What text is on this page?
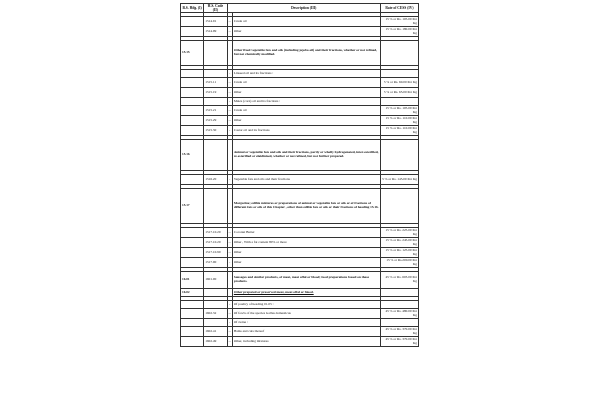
B.S. Hdg. (I)	H.S. Code (II)	Description (III)		Rate of CESS (IV)

	1514.91	--	Crude oil	15 % or Rs. 105.00 Per Kg
	1514.99	--	Other	15 % or Rs. 180.00 Per Kg

15.15			Other fixed vegetable fats and oils (including jojoba oil) and their fractions, whether or not refined, but not chemically modified.	

		-	Linseed oil and its fractions :	
	1515.11	--	Crude oil	5 % or Rs. 60.00 Per Kg
	1515.19	--	Other	5 % or Rs. 65.00 Per Kg
		-	Maize (corn) oil and its fractions :	
	1515.21	--	Crude oil	15 % or Rs. 105.00 Per Kg
	1515.29	--	Other	15 % or Rs. 110.00 Per Kg
	1515.30	-	Castor oil and its fractions	15 % or Rs. 110.00 Per Kg

15.16			Animal or vegetable fats and oils and their fractions, partly or wholly hydrogenated, inter-esterified, re-esterified or elaidinised, whether or not refined, but not further prepared.	

	1516.20	-	Vegetable fats and oils and their fractions	5 % or Rs. 145.00 Per Kg

15.17			Margarine; edible mixtures or preparations of animal or vegetable fats or oils or of fractions of different fats or oils of this Chapter , other than edible fats or oils or their fractions of heading 15.16.	

	1517.10.20	--	Coconut Butter	15 % or Rs. 225.00 Per Kg
	1517.10.20	--	Other , With a fat content 80% or more	15 % or Rs. 245.00 Per Kg
	1517.10.90	--	Other	15 % or Rs. 125.00 Per Kg
	1517.90	-	Other	15 % or Rs.200.00 Per Kg

16.01	1601.00		Sausages and similar products, of meat, meat offal or blood; food preparations based on these products.	45 % or Rs. 603.00 Per Kg
16.02			Other prepared or preserved meat, meat offal or blood.	

		-	Of poultry of heading 01.05 :	
	1602.32	--	Of fowls of the species Gallus domesticus	45 % or Rs. 480.00 Per Kg
		-	Of swine :	
	1602.41	--	Hams and cuts thereof	45 % or Rs. 370.00 Per Kg
	1602.49	--	Other, including mixtures	45 % or Rs. 370.00 Per Kg
